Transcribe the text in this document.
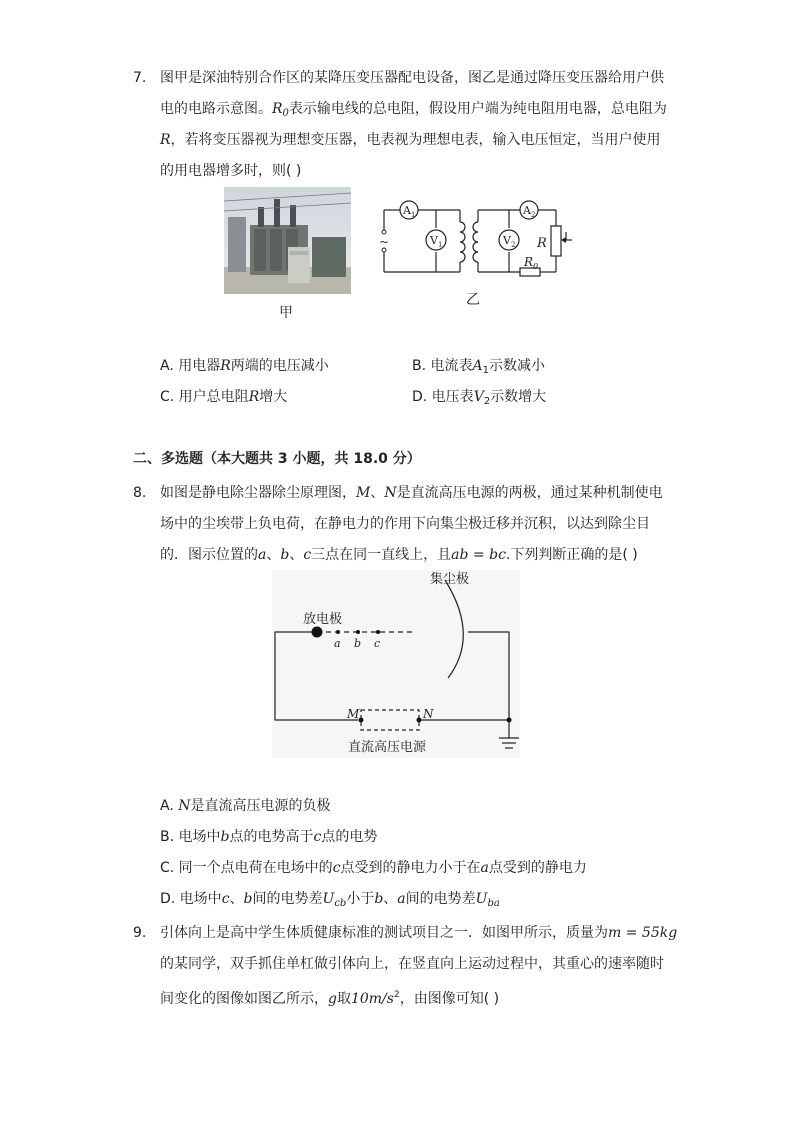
7. 图甲是深油特别合作区的某降压变压器配电设备，图乙是通过降压变压器给用户供
电的电路示意图。$R_0$表示输电线的总电阻，假设用户端为纯电阻用电器，总电阻为
R，若将变压器视为理想变压器，电表视为理想电表，输入电压恒定，当用户使用
的用电器增多时，则( )
甲
~
$A_1$
$V_1$
$A_2$
$V_2$ R
$R_0$
乙
A. 用电器R两端的电压减小	B. 电流表$A_1$示数减小
C. 用户总电阻R增大	D. 电压表$V_2$示数增大
二、多选题（本大题共 3 小题，共 18.0 分）
8. 如图是静电除尘器除尘原理图，M、N是直流高压电源的两极，通过某种机制使电
场中的尘埃带上负电荷，在静电力的作用下向集尘极迁移并沉积，以达到除尘目
的．图示位置的a、b、c三点在同一直线上，且ab = bc.下列判断正确的是( )
集尘极
放电极
a b c
M	N
直流高压电源
A. N是直流高压电源的负极
B. 电场中b点的电势高于c点的电势
C. 同一个点电荷在电场中的c点受到的静电力小于在a点受到的静电力
D. 电场中c、b间的电势差$U_{cb}$小于b、a间的电势差$U_{ba}$
9. 引体向上是高中学生体质健康标准的测试项目之一．如图甲所示，质量为m = 55kg
的某同学，双手抓住单杠做引体向上，在竖直向上运动过程中，其重心的速率随时
间变化的图像如图乙所示，g取$10m/s^2$，由图像可知( )
